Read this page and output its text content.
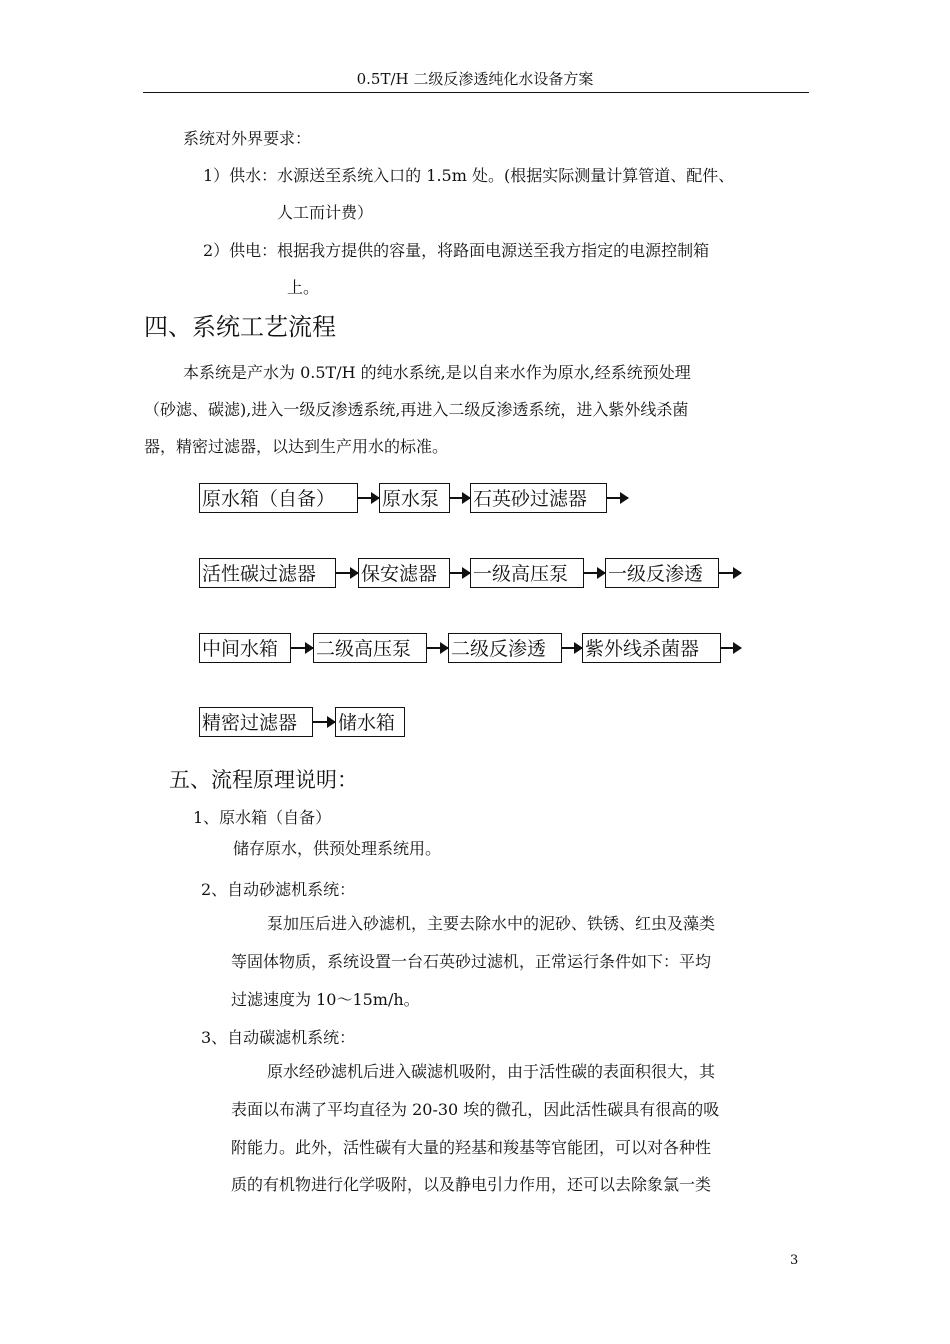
0.5T/H 二级反渗透纯化水设备方案
系统对外界要求：
1）供水：水源送至系统入口的 1.5m 处。(根据实际测量计算管道、配件、
人工而计费）
2）供电：根据我方提供的容量，将路面电源送至我方指定的电源控制箱
上。
四、系统工艺流程
本系统是产水为 0.5T/H 的纯水系统,是以自来水作为原水,经系统预处理
（砂滤、碳滤),进入一级反渗透系统,再进入二级反渗透系统，进入紫外线杀菌
器，精密过滤器，以达到生产用水的标准。
原水箱（自备）	原水泵	石英砂过滤器
活性碳过滤器	保安滤器	一级高压泵	一级反渗透
中间水箱	二级高压泵	二级反渗透	紫外线杀菌器
精密过滤器	储水箱
五、流程原理说明：
1、原水箱（自备）
储存原水，供预处理系统用。
2、自动砂滤机系统：
泵加压后进入砂滤机，主要去除水中的泥砂、铁锈、红虫及藻类
等固体物质，系统设置一台石英砂过滤机，正常运行条件如下：平均
过滤速度为 10～15m/h。
3、自动碳滤机系统：
原水经砂滤机后进入碳滤机吸附，由于活性碳的表面积很大，其
表面以布满了平均直径为 20-30 埃的微孔，因此活性碳具有很高的吸
附能力。此外，活性碳有大量的羟基和羧基等官能团，可以对各种性
质的有机物进行化学吸附，以及静电引力作用，还可以去除象氯一类
3
